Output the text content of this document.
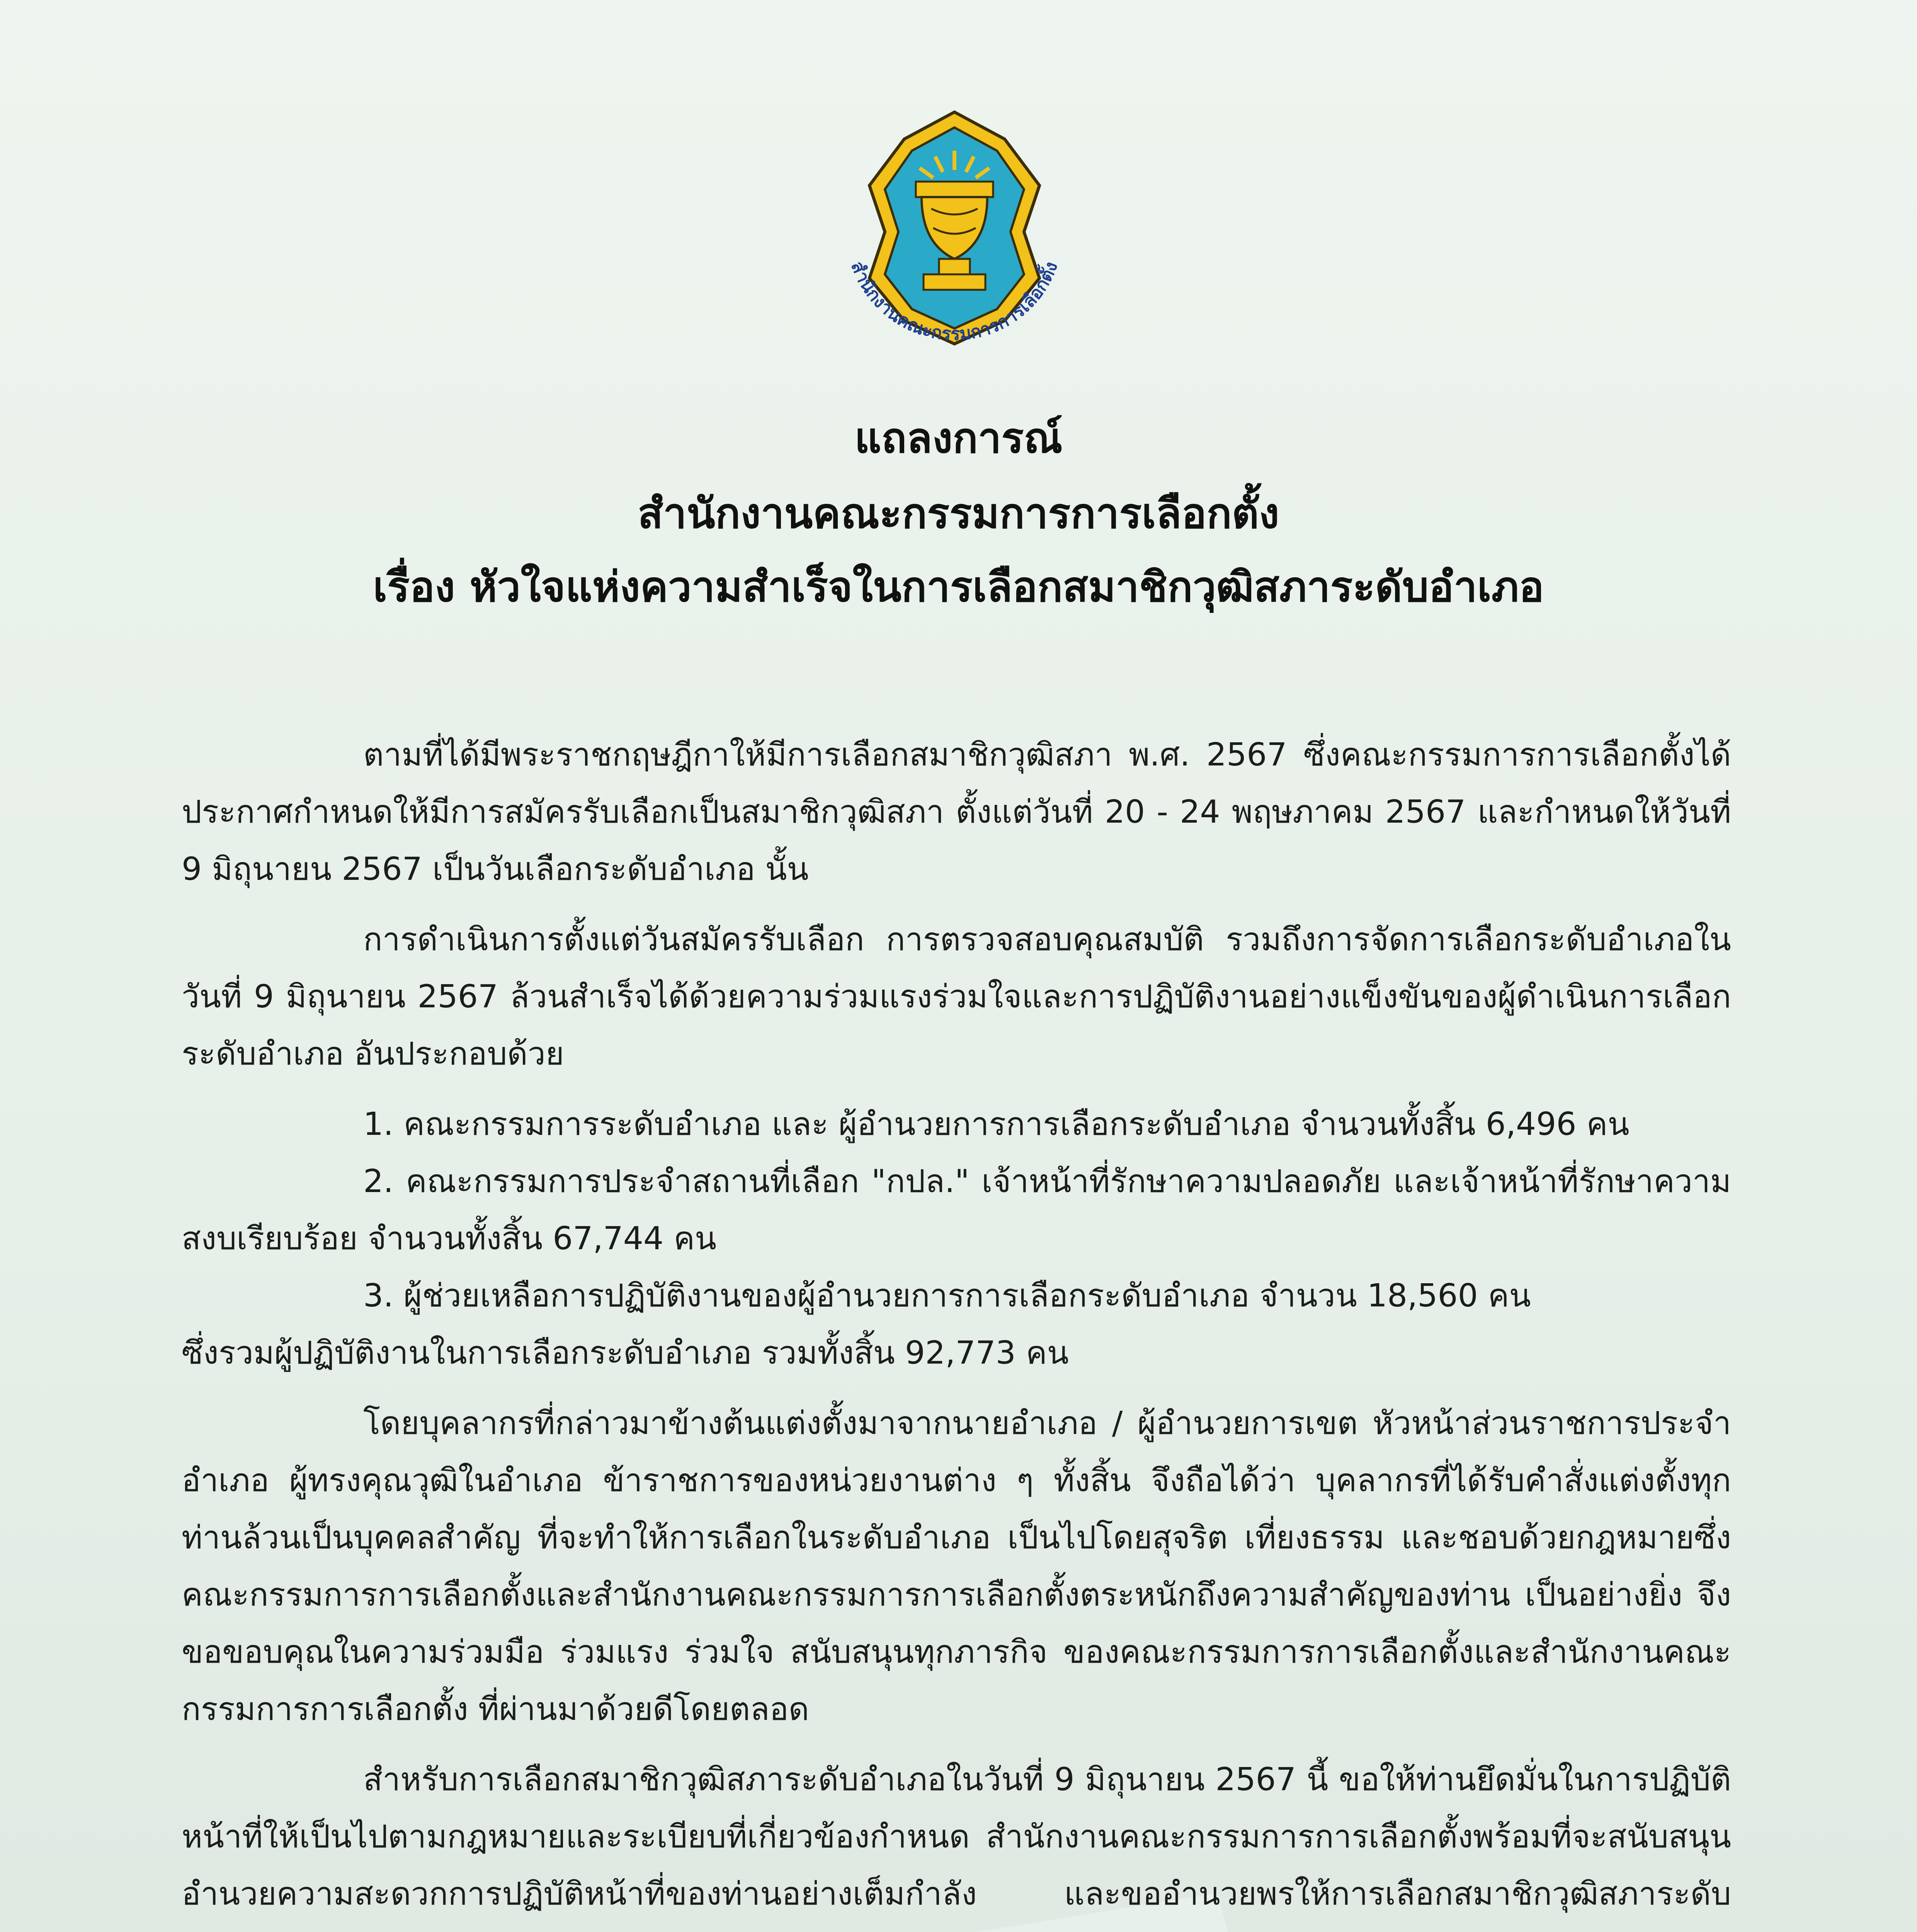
สำนักงานคณะกรรมการการเลือกตั้ง
แถลงการณ์
สำนักงานคณะกรรมการการเลือกตั้ง
เรื่อง หัวใจแห่งความสำเร็จในการเลือกสมาชิกวุฒิสภาระดับอำเภอ

ตามที่ได้มีพระราชกฤษฎีกาให้มีการเลือกสมาชิกวุฒิสภา พ.ศ. 2567 ซึ่งคณะกรรมการการเลือกตั้งได้ประกาศกำหนดให้มีการสมัครรับเลือกเป็นสมาชิกวุฒิสภา ตั้งแต่วันที่ 20 - 24 พฤษภาคม 2567 และกำหนดให้วันที่ 9 มิถุนายน 2567 เป็นวันเลือกระดับอำเภอ นั้น

การดำเนินการตั้งแต่วันสมัครรับเลือก การตรวจสอบคุณสมบัติ รวมถึงการจัดการเลือกระดับอำเภอในวันที่ 9 มิถุนายน 2567 ล้วนสำเร็จได้ด้วยความร่วมแรงร่วมใจและการปฏิบัติงานอย่างแข็งขันของผู้ดำเนินการเลือกระดับอำเภอ อันประกอบด้วย

1. คณะกรรมการระดับอำเภอ และ ผู้อำนวยการการเลือกระดับอำเภอ จำนวนทั้งสิ้น 6,496 คน

2. คณะกรรมการประจำสถานที่เลือก "กปล." เจ้าหน้าที่รักษาความปลอดภัย และเจ้าหน้าที่รักษาความสงบเรียบร้อย จำนวนทั้งสิ้น 67,744 คน

3. ผู้ช่วยเหลือการปฏิบัติงานของผู้อำนวยการการเลือกระดับอำเภอ จำนวน 18,560 คน

ซึ่งรวมผู้ปฏิบัติงานในการเลือกระดับอำเภอ รวมทั้งสิ้น 92,773 คน

โดยบุคลากรที่กล่าวมาข้างต้นแต่งตั้งมาจากนายอำเภอ / ผู้อำนวยการเขต หัวหน้าส่วนราชการประจำอำเภอ ผู้ทรงคุณวุฒิในอำเภอ ข้าราชการของหน่วยงานต่าง ๆ ทั้งสิ้น จึงถือได้ว่า บุคลากรที่ได้รับคำสั่งแต่งตั้งทุกท่านล้วนเป็นบุคคลสำคัญ ที่จะทำให้การเลือกในระดับอำเภอ เป็นไปโดยสุจริต เที่ยงธรรม และชอบด้วยกฎหมายซึ่งคณะกรรมการการเลือกตั้งและสำนักงานคณะกรรมการการเลือกตั้งตระหนักถึงความสำคัญของท่าน เป็นอย่างยิ่ง จึงขอขอบคุณในความร่วมมือ ร่วมแรง ร่วมใจ สนับสนุนทุกภารกิจ ของคณะกรรมการการเลือกตั้งและสำนักงานคณะกรรมการการเลือกตั้ง ที่ผ่านมาด้วยดีโดยตลอด

สำหรับการเลือกสมาชิกวุฒิสภาระดับอำเภอในวันที่ 9 มิถุนายน 2567 นี้ ขอให้ท่านยึดมั่นในการปฏิบัติหน้าที่ให้เป็นไปตามกฎหมายและระเบียบที่เกี่ยวข้องกำหนด สำนักงานคณะกรรมการการเลือกตั้งพร้อมที่จะสนับสนุนอำนวยความสะดวกการปฏิบัติหน้าที่ของท่านอย่างเต็มกำลัง และขออำนวยพรให้การเลือกสมาชิกวุฒิสภาระดับ
